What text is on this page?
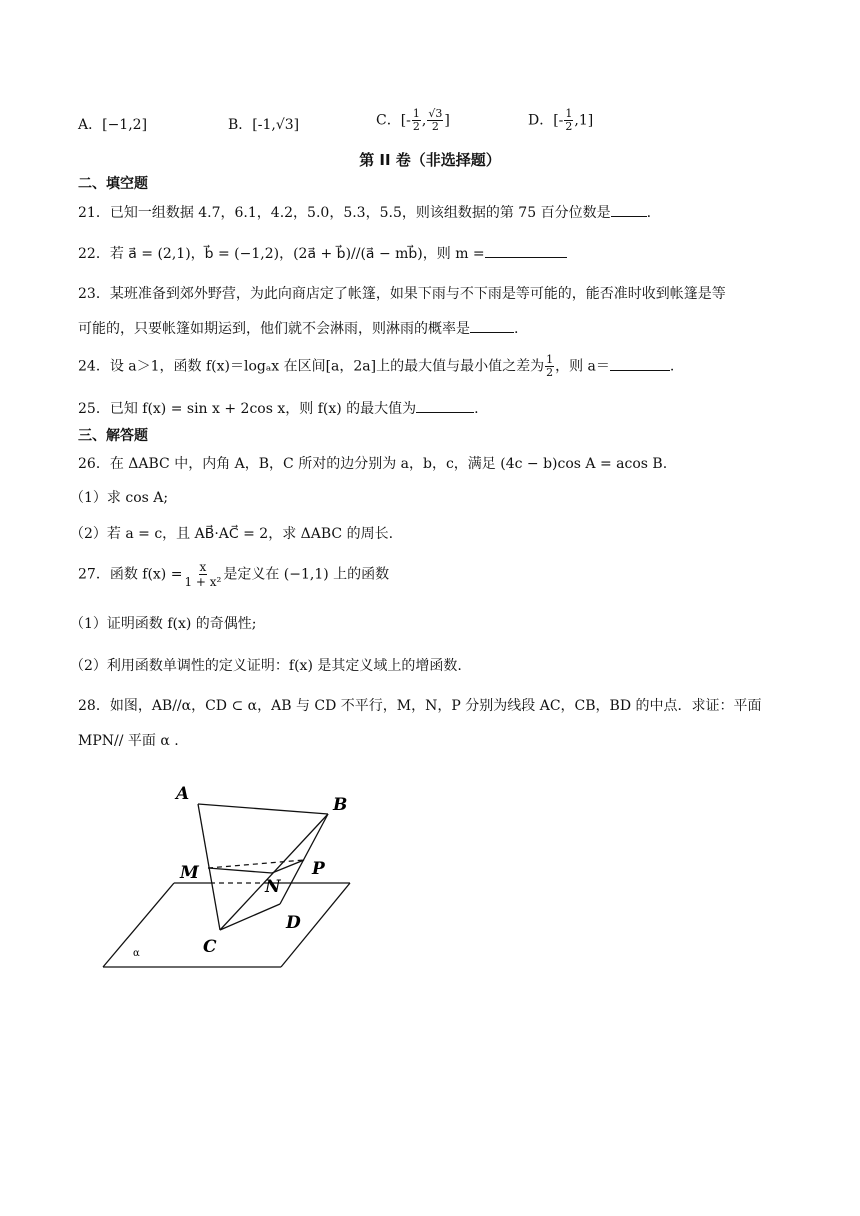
A．[−1,2]	B．[-1,√3]	C．[- $\frac{1}{2}$ , $\frac{√3}{2}$ ]	D．[- $\frac{1}{2} ,1$]
第 II 卷（非选择题）
二、填空题
21．已知一组数据 4.7，6.1，4.2，5.0，5.3，5.5，则该组数据的第 75 百分位数是	.
22．若 a⃗ = (2,1)，b⃗ = (−1,2)，(2a⃗ + b⃗)//(a⃗ − mb⃗)，则 m =
23．某班准备到郊外野营，为此向商店定了帐篷，如果下雨与不下雨是等可能的，能否准时收到帐篷是等
可能的，只要帐篷如期运到，他们就不会淋雨，则淋雨的概率是	.
24．设 a＞1，函数 f(x)＝logₐx 在区间[a，2a]上的最大值与最小值之差为 $\frac{1}{2}$ ，则 a＝	.
25．已知 f(x) = sin x + 2cos x，则 f(x) 的最大值为	.
三、解答题
26．在 ΔABC 中，内角 A，B，C 所对的边分别为 a，b，c，满足 (4c − b)cos A = acos B.
（1）求 cos A;
（2）若 a = c，且 AB⃗·AC⃗ = 2，求 ΔABC 的周长.
27．函数 $f(x) = \frac{x}{\text{1 + x²}}$ 是定义在 (−1,1) 上的函数
（1）证明函数 f(x) 的奇偶性;
（2）利用函数单调性的定义证明：f(x) 是其定义域上的增函数.
28．如图，AB//α，CD ⊂ α，AB 与 CD 不平行，M，N，P 分别为线段 AC，CB，BD 的中点．求证：平面
MPN// 平面 α .
A
B
M	P
N
D
C
α
